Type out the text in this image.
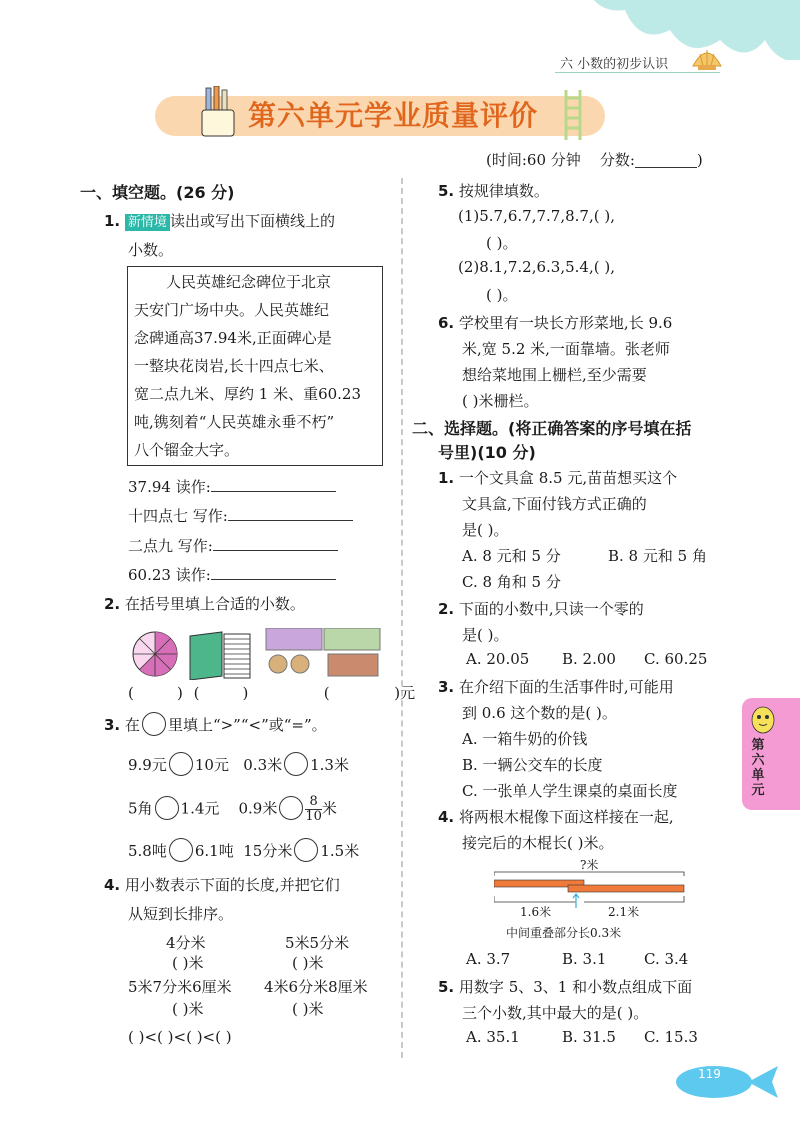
六 小数的初步认识
第六单元学业质量评价
(时间:60 分钟 分数:	)
一、填空题。(26 分)
1. 新情境 读出或写出下面横线上的
小数。
人民英雄纪念碑位于北京
天安门广场中央。人民英雄纪
念碑通高37.94米,正面碑心是
一整块花岗岩,长十四点七米、
宽二点九米、厚约 1 米、重60.23
吨,镌刻着“人民英雄永垂不朽”
八个镏金大字。
37.94 读作:
十四点七 写作:
二点九 写作:
60.23 读作:
2. 在括号里填上合适的小数。
(	) (	)	(	)元
3. 在 里填上“>”“<”或“=”。
9.9元 10元 0.3米 1.3米
5角 1.4元 0.9米 $\frac{8}{10}$ 米
5.8吨 6.1吨 15分米 1.5米
4. 用小数表示下面的长度,并把它们
从短到长排序。
4分米	5米5分米
( )米	( )米
5米7分米6厘米 4米6分米8厘米
( )米	( )米
( )<( )<( )<( )
5. 按规律填数。
(1)5.7,6.7,7.7,8.7,( ),
( )。
(2)8.1,7.2,6.3,5.4,( ),
( )。
6. 学校里有一块长方形菜地,长 9.6
米,宽 5.2 米,一面靠墙。张老师
想给菜地围上栅栏,至少需要
( )米栅栏。
二、选择题。(将正确答案的序号填在括
号里)(10 分)
1. 一个文具盒 8.5 元,苗苗想买这个
文具盒,下面付钱方式正确的
是( )。
A. 8 元和 5 分	B. 8 元和 5 角
C. 8 角和 5 分
2. 下面的小数中,只读一个零的
是( )。
A. 20.05 B. 2.00 C. 60.25
3. 在介绍下面的生活事件时,可能用
到 0.6 这个数的是( )。
A. 一箱牛奶的价钱
B. 一辆公交车的长度
C. 一张单人学生课桌的桌面长度
4. 将两根木棍像下面这样接在一起,
接完后的木棍长( )米。
?米
1.6米	2.1米
中间重叠部分长0.3米
A. 3.7	B. 3.1	C. 3.4
5. 用数字 5、3、1 和小数点组成下面
三个小数,其中最大的是( )。
A. 35.1	B. 31.5 C. 15.3
第六单元
119
